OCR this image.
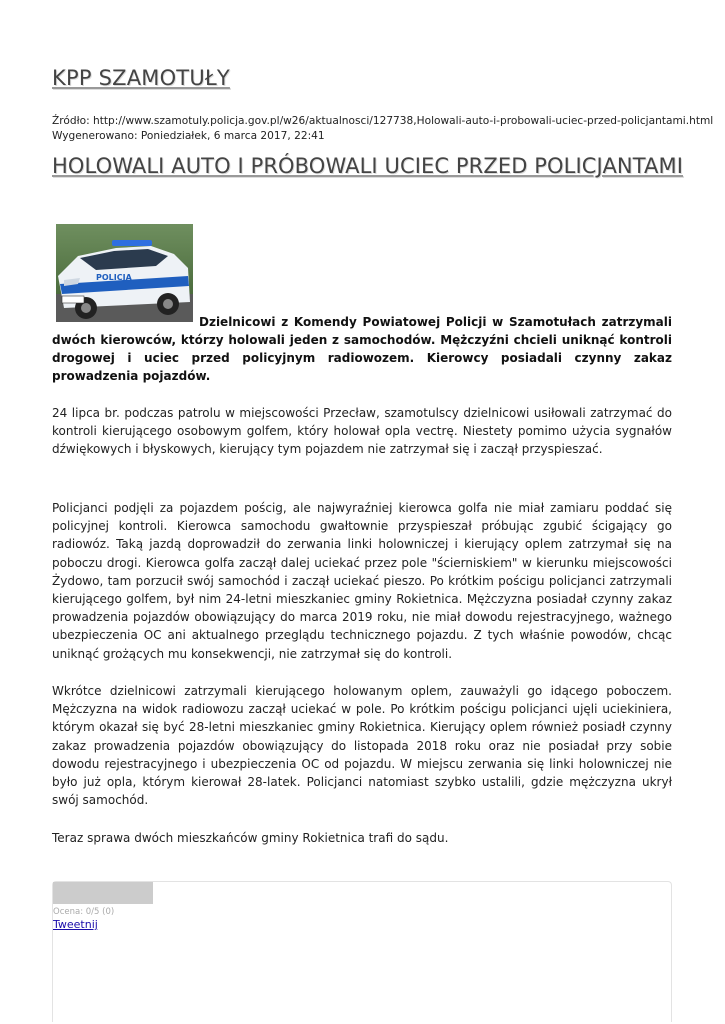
KPP SZAMOTUŁY
Źródło: http://www.szamotuly.policja.gov.pl/w26/aktualnosci/127738,Holowali-auto-i-probowali-uciec-przed-policjantami.html
Wygenerowano: Poniedziałek, 6 marca 2017, 22:41
HOLOWALI AUTO I PRÓBOWALI UCIEC PRZED POLICJANTAMI
POLICJA
Dzielnicowi z Komendy Powiatowej Policji w Szamotułach zatrzymali dwóch kierowców, którzy holowali jeden z samochodów. Mężczyźni chcieli uniknąć kontroli drogowej i uciec przed policyjnym radiowozem. Kierowcy posiadali czynny zakaz prowadzenia pojazdów.
24 lipca br. podczas patrolu w miejscowości Przecław, szamotulscy dzielnicowi usiłowali zatrzymać do kontroli kierującego osobowym golfem, który holował opla vectrę. Niestety pomimo użycia sygnałów dźwiękowych i błyskowych, kierujący tym pojazdem nie zatrzymał się i zaczął przyspieszać.
Policjanci podjęli za pojazdem pościg, ale najwyraźniej kierowca golfa nie miał zamiaru poddać się policyjnej kontroli. Kierowca samochodu gwałtownie przyspieszał próbując zgubić ścigający go radiowóz. Taką jazdą doprowadził do zerwania linki holowniczej i kierujący oplem zatrzymał się na poboczu drogi. Kierowca golfa zaczął dalej uciekać przez pole "ścierniskiem" w kierunku miejscowości Żydowo, tam porzucił swój samochód i zaczął uciekać pieszo. Po krótkim pościgu policjanci zatrzymali kierującego golfem, był nim 24-letni mieszkaniec gminy Rokietnica. Mężczyzna posiadał czynny zakaz prowadzenia pojazdów obowiązujący do marca 2019 roku, nie miał dowodu rejestracyjnego, ważnego ubezpieczenia OC ani aktualnego przeglądu technicznego pojazdu. Z tych właśnie powodów, chcąc uniknąć grożących mu konsekwencji, nie zatrzymał się do kontroli.
Wkrótce dzielnicowi zatrzymali kierującego holowanym oplem, zauważyli go idącego poboczem. Mężczyzna na widok radiowozu zaczął uciekać w pole. Po krótkim pościgu policjanci ujęli uciekiniera, którym okazał się być 28-letni mieszkaniec gminy Rokietnica. Kierujący oplem również posiadł czynny zakaz prowadzenia pojazdów obowiązujący do listopada 2018 roku oraz nie posiadał przy sobie dowodu rejestracyjnego i ubezpieczenia OC od pojazdu. W miejscu zerwania się linki holowniczej nie było już opla, którym kierował 28-latek. Policjanci natomiast szybko ustalili, gdzie mężczyzna ukrył swój samochód.
Teraz sprawa dwóch mieszkańców gminy Rokietnica trafi do sądu.
Ocena: 0/5 (0)
Tweetnij
